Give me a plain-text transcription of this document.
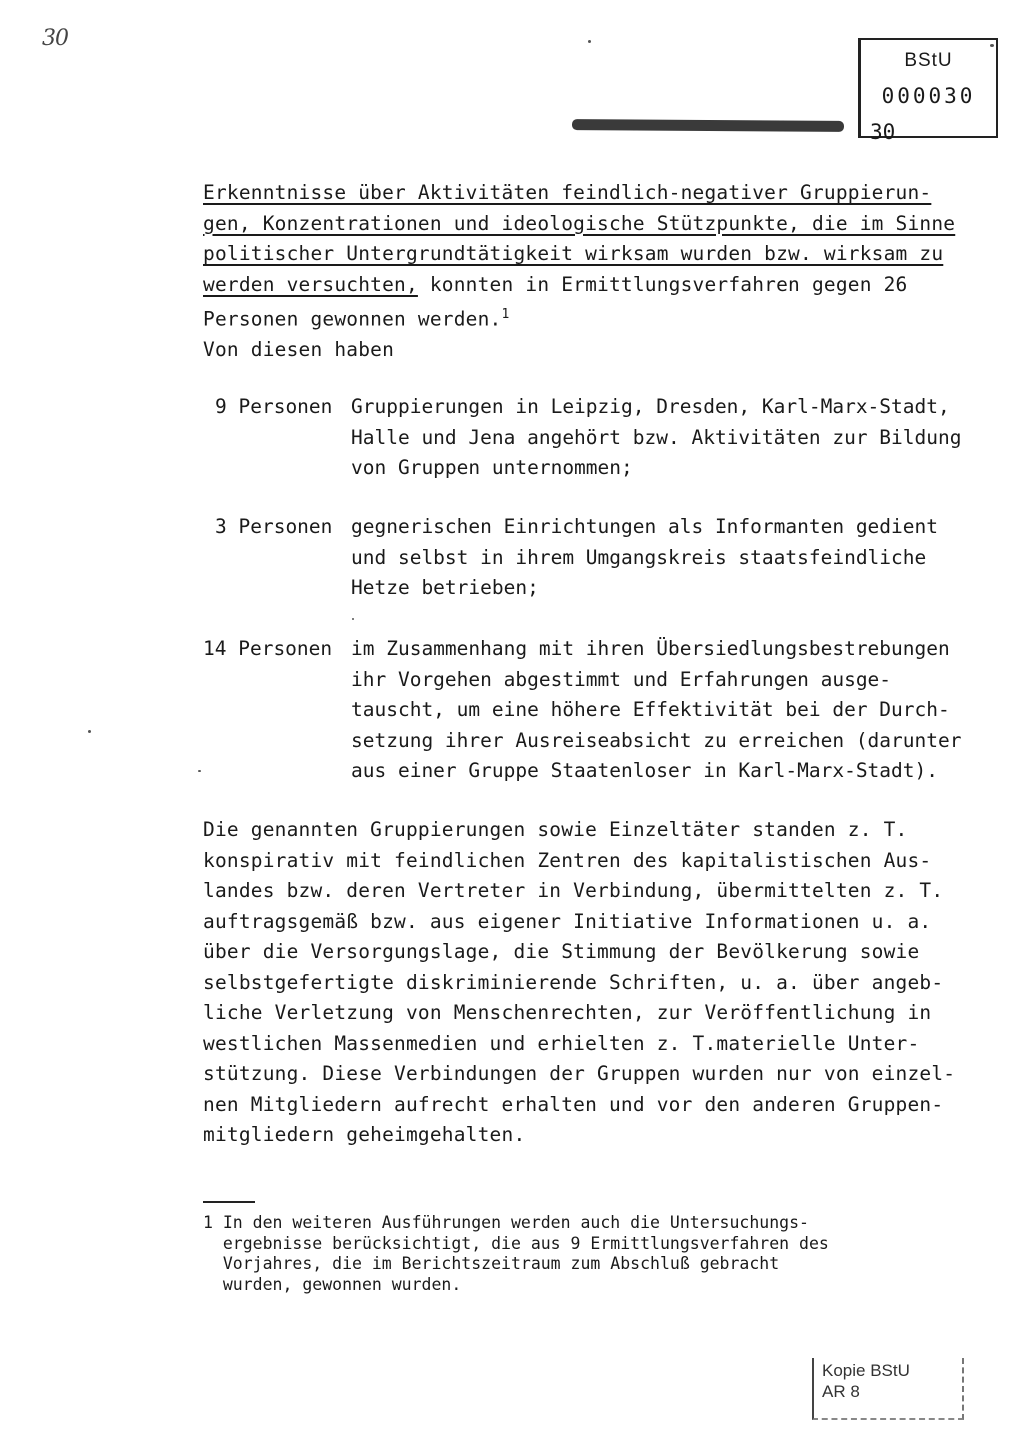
30
BStU
000030
30
Erkenntnisse über Aktivitäten feindlich-negativer Gruppierun-
gen, Konzentrationen und ideologische Stützpunkte, die im Sinne
politischer Untergrundtätigkeit wirksam wurden bzw. wirksam zu
werden versuchten, konnten in Ermittlungsverfahren gegen 26
Personen gewonnen werden.$^1$
Von diesen haben
9 Personen Gruppierungen in Leipzig, Dresden, Karl-Marx-Stadt,
Halle und Jena angehört bzw. Aktivitäten zur Bildung
von Gruppen unternommen;
3 Personen gegnerischen Einrichtungen als Informanten gedient
und selbst in ihrem Umgangskreis staatsfeindliche
Hetze betrieben;
14 Personen im Zusammenhang mit ihren Übersiedlungsbestrebungen
ihr Vorgehen abgestimmt und Erfahrungen ausge-
tauscht, um eine höhere Effektivität bei der Durch-
setzung ihrer Ausreiseabsicht zu erreichen (darunter
aus einer Gruppe Staatenloser in Karl-Marx-Stadt).
Die genannten Gruppierungen sowie Einzeltäter standen z. T.
konspirativ mit feindlichen Zentren des kapitalistischen Aus-
landes bzw. deren Vertreter in Verbindung, übermittelten z. T.
auftragsgemäß bzw. aus eigener Initiative Informationen u. a.
über die Versorgungslage, die Stimmung der Bevölkerung sowie
selbstgefertigte diskriminierende Schriften, u. a. über angeb-
liche Verletzung von Menschenrechten, zur Veröffentlichung in
westlichen Massenmedien und erhielten z. T.materielle Unter-
stützung. Diese Verbindungen der Gruppen wurden nur von einzel-
nen Mitgliedern aufrecht erhalten und vor den anderen Gruppen-
mitgliedern geheimgehalten.
1 In den weiteren Ausführungen werden auch die Untersuchungs-
ergebnisse berücksichtigt, die aus 9 Ermittlungsverfahren des
Vorjahres, die im Berichtszeitraum zum Abschluß gebracht
wurden, gewonnen wurden.
Kopie BStU
AR 8
